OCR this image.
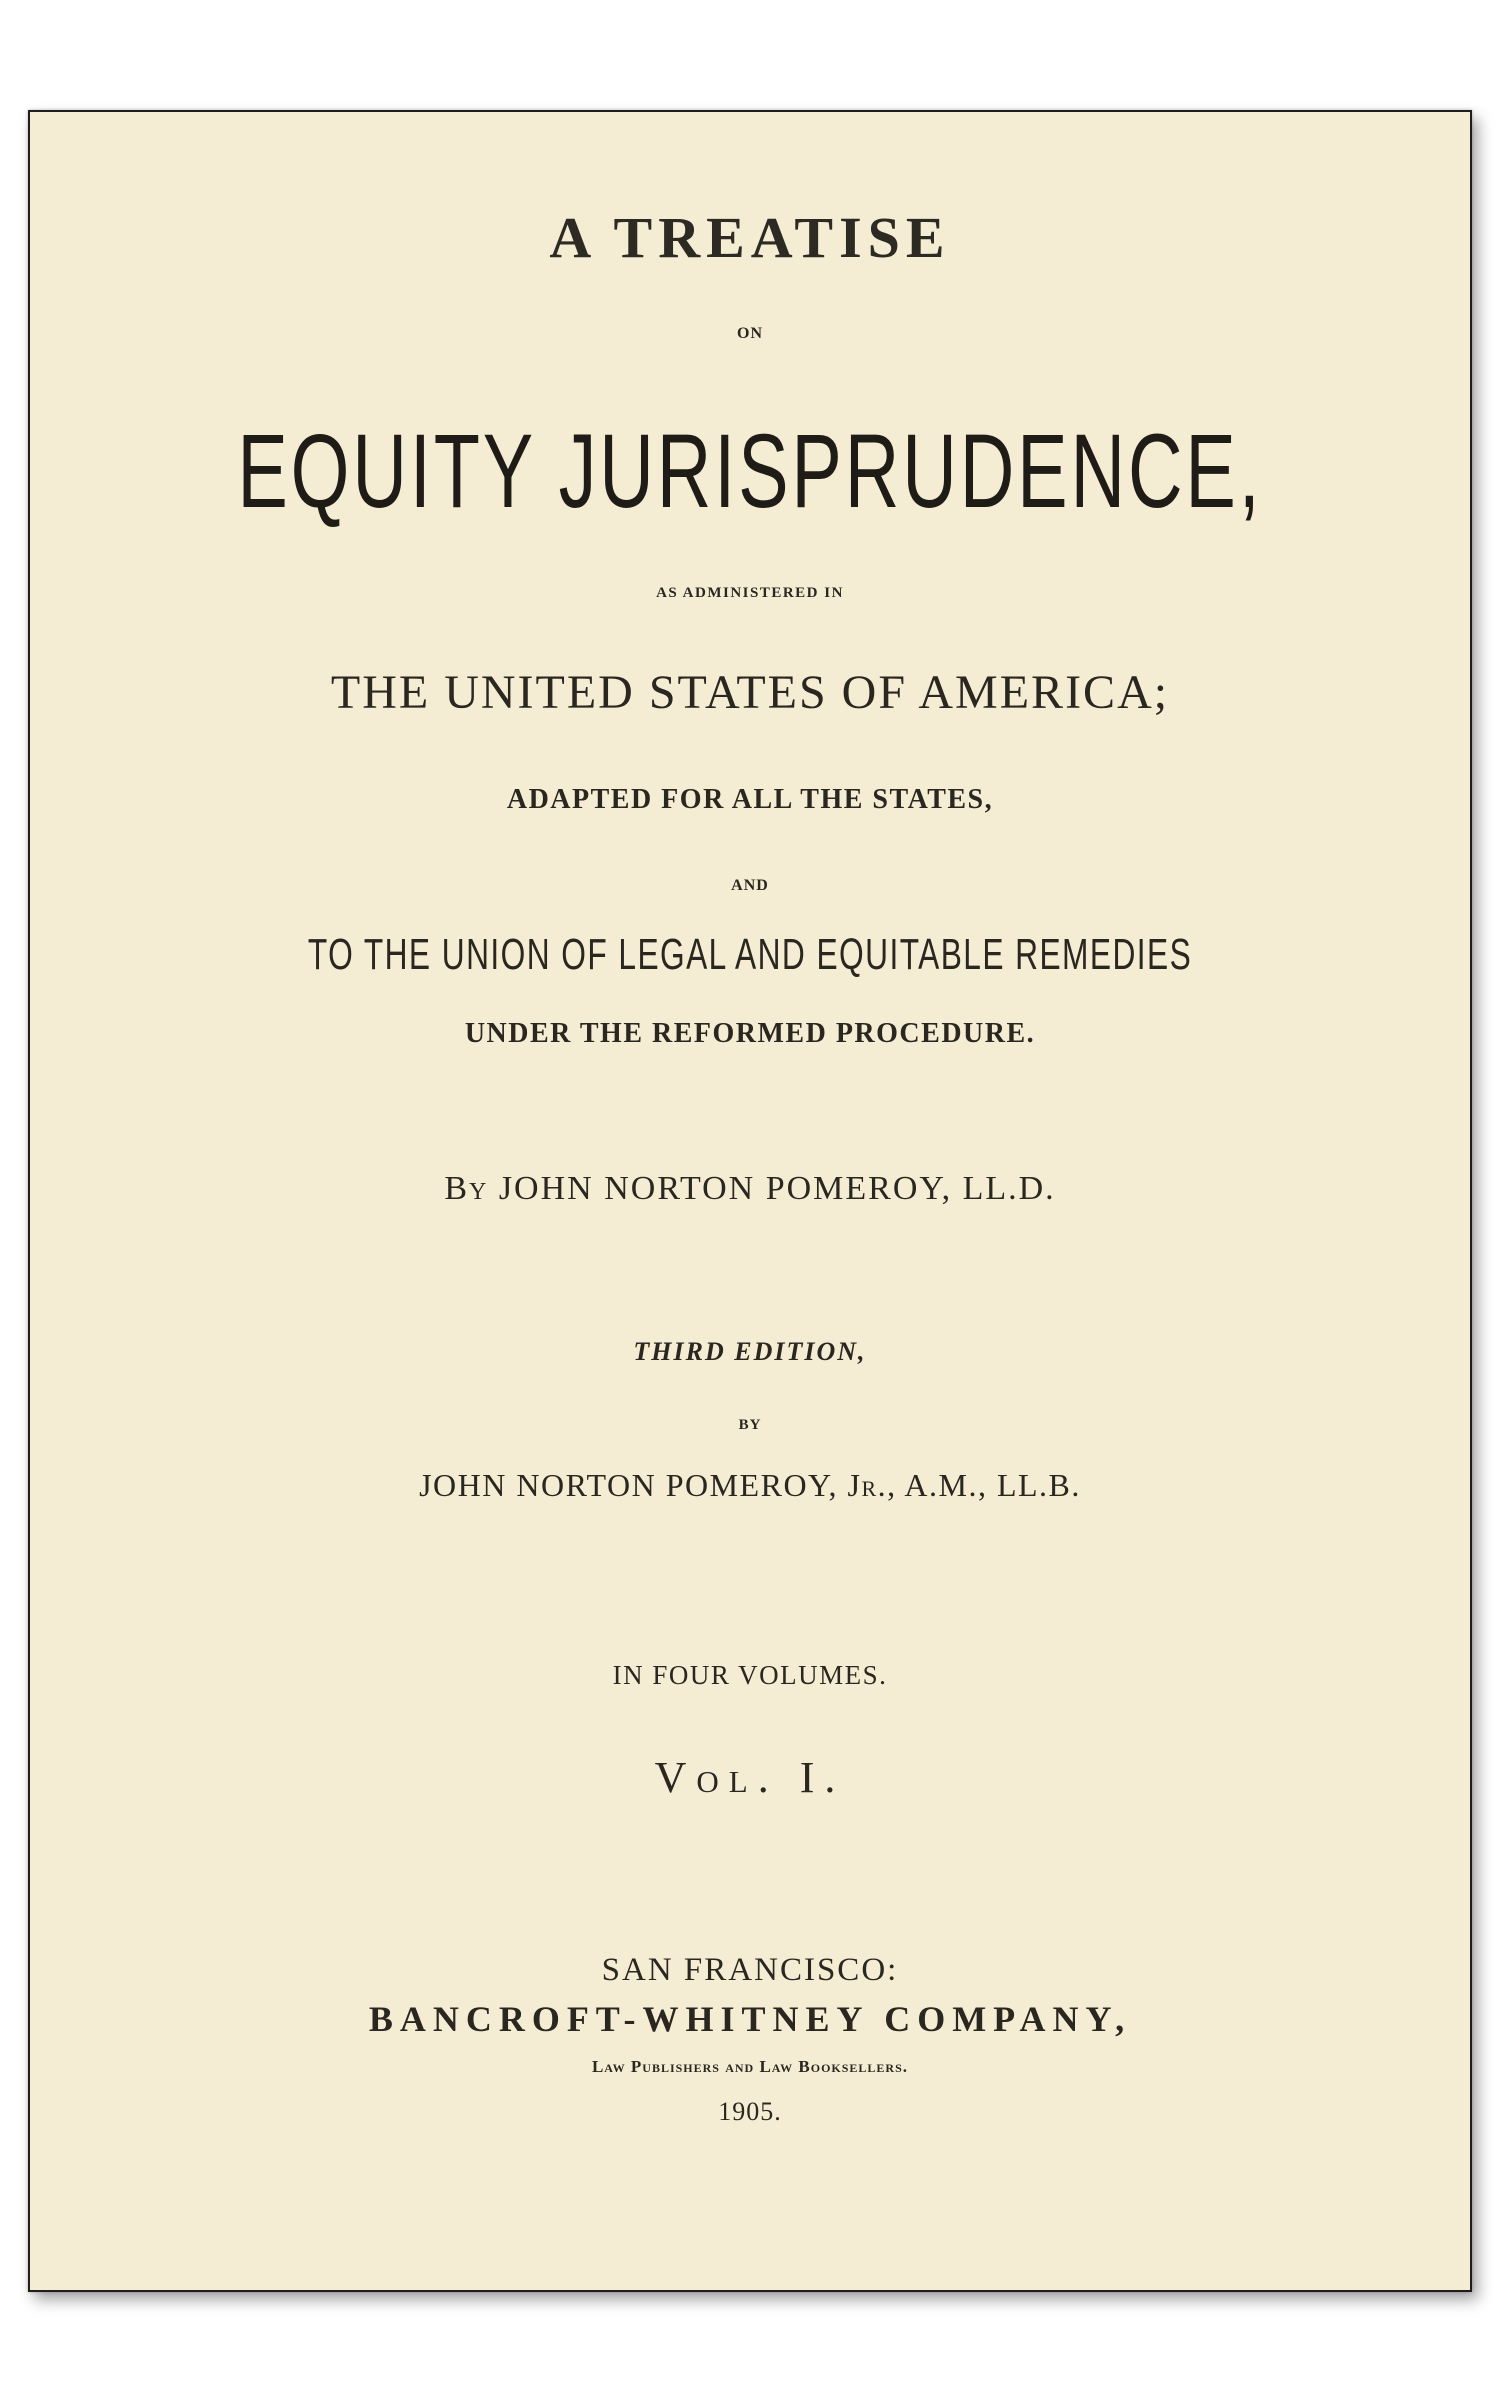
A TREATISE
ON
EQUITY JURISPRUDENCE,
AS ADMINISTERED IN
THE UNITED STATES OF AMERICA;
ADAPTED FOR ALL THE STATES,
AND
TO THE UNION OF LEGAL AND EQUITABLE REMEDIES
UNDER THE REFORMED PROCEDURE.
By JOHN NORTON POMEROY, LL.D.
THIRD EDITION,
BY
JOHN NORTON POMEROY, Jr., A.M., LL.B.
IN FOUR VOLUMES.
Vol. I.
SAN FRANCISCO:
BANCROFT-WHITNEY COMPANY,
Law Publishers and Law Booksellers.
1905.
